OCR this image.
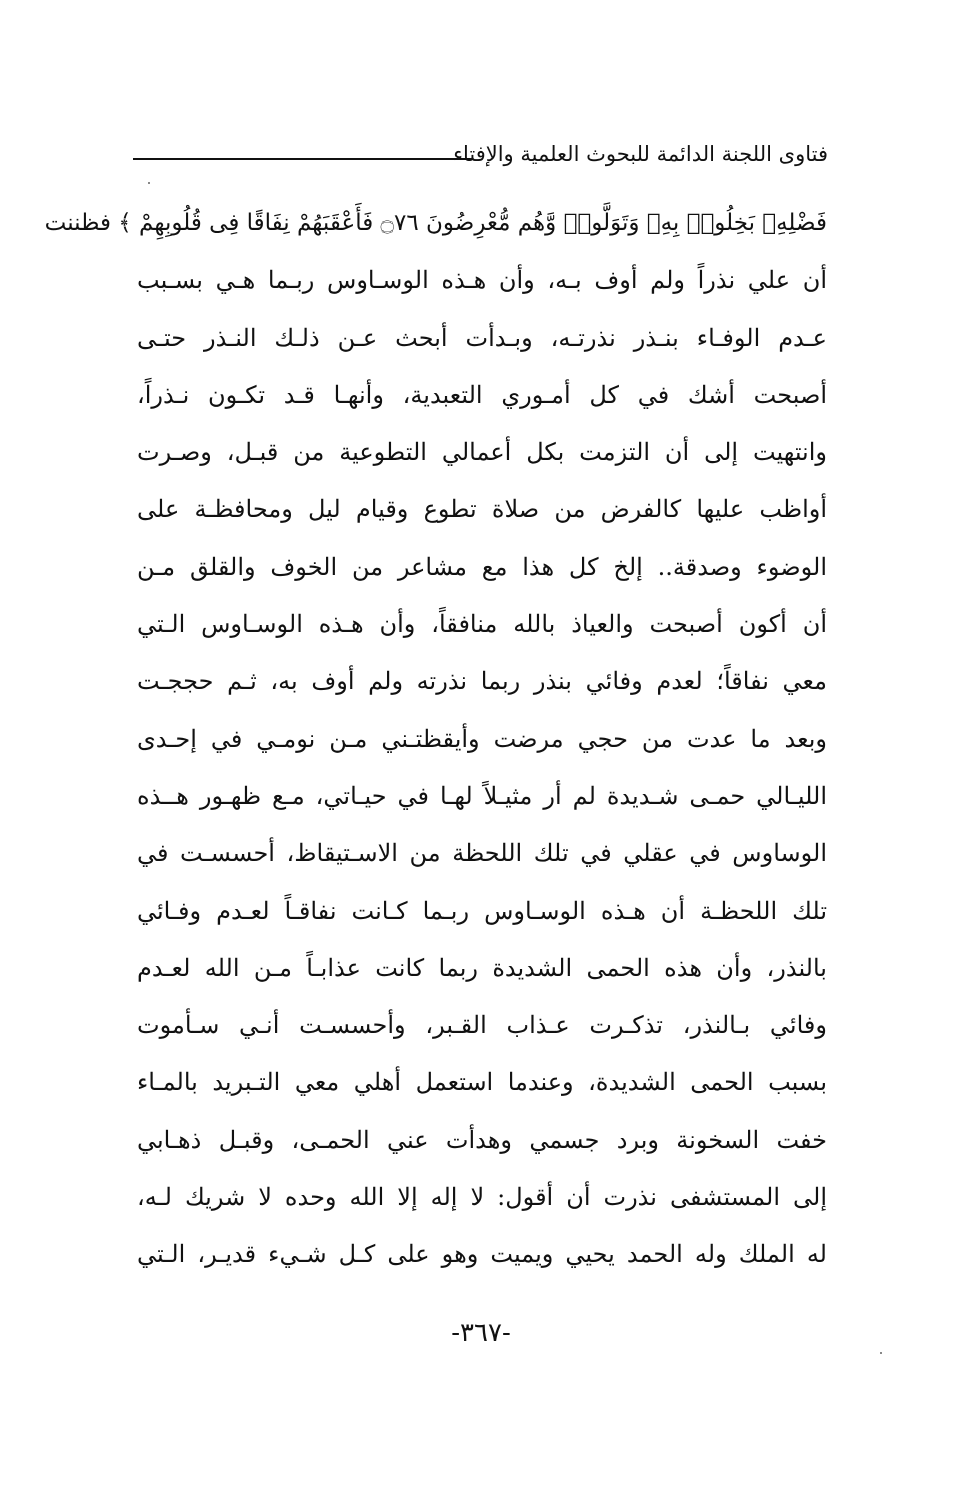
فتاوى اللجنة الدائمة للبحوث العلمية والإفتاء
فَضْلِهِۦ بَخِلُوا۟ بِهِۦ وَتَوَلَّوا۟ وَّهُم مُّعْرِضُونَ ۝٧٦ فَأَعْقَبَهُمْ نِفَاقًا فِى قُلُوبِهِمْ ﴾ فظننت
أن علي نذراً ولم أوف بـه، وأن هـذه الوسـاوس ربـما هـي بسـبب
عـدم الوفـاء بنـذر نذرتـه، وبـدأت أبحث عـن ذلـك النـذر حتـى
أصبحت أشك في كل أمـوري التعبدية، وأنهـا قـد تكـون نـذراً،
وانتهيت إلى أن التزمت بكل أعمالي التطوعية من قبـل، وصـرت
أواظب عليها كالفرض من صلاة تطوع وقيام ليل ومحافظـة على
الوضوء وصدقة.. إلخ كل هذا مع مشاعر من الخوف والقلق مـن
أن أكون أصبحت والعياذ بالله منافقاً، وأن هـذه الوسـاوس الـتي
معي نفاقاً؛ لعدم وفائي بنذر ربما نذرته ولم أوف به، ثـم حججـت
وبعد ما عدت من حجي مرضت وأيقظتـني مـن نومـي في إحـدى
الليـالي حمـى شـديدة لم أر مثيـلاً لهـا في حيـاتي، مـع ظهـور هــذه
الوساوس في عقلي في تلك اللحظة من الاسـتيقاظ، أحسسـت في
تلك اللحظـة أن هـذه الوسـاوس ربـما كـانت نفاقـاً لعـدم وفـائي
بالنذر، وأن هذه الحمى الشديدة ربما كانت عذابـاً مـن الله لعـدم
وفائي بـالنذر، تذكـرت عـذاب القـبر، وأحسسـت أنـي سـأموت
بسبب الحمى الشديدة، وعندما استعمل أهلي معي التـبريد بالمـاء
خفت السخونة وبرد جسمي وهدأت عني الحمـى، وقبـل ذهـابي
إلى المستشفى نذرت أن أقول: لا إله إلا الله وحده لا شريك لـه،
له الملك وله الحمد يحيي ويميت وهو على كـل شـيء قديـر، الـتي
-٣٦٧-
